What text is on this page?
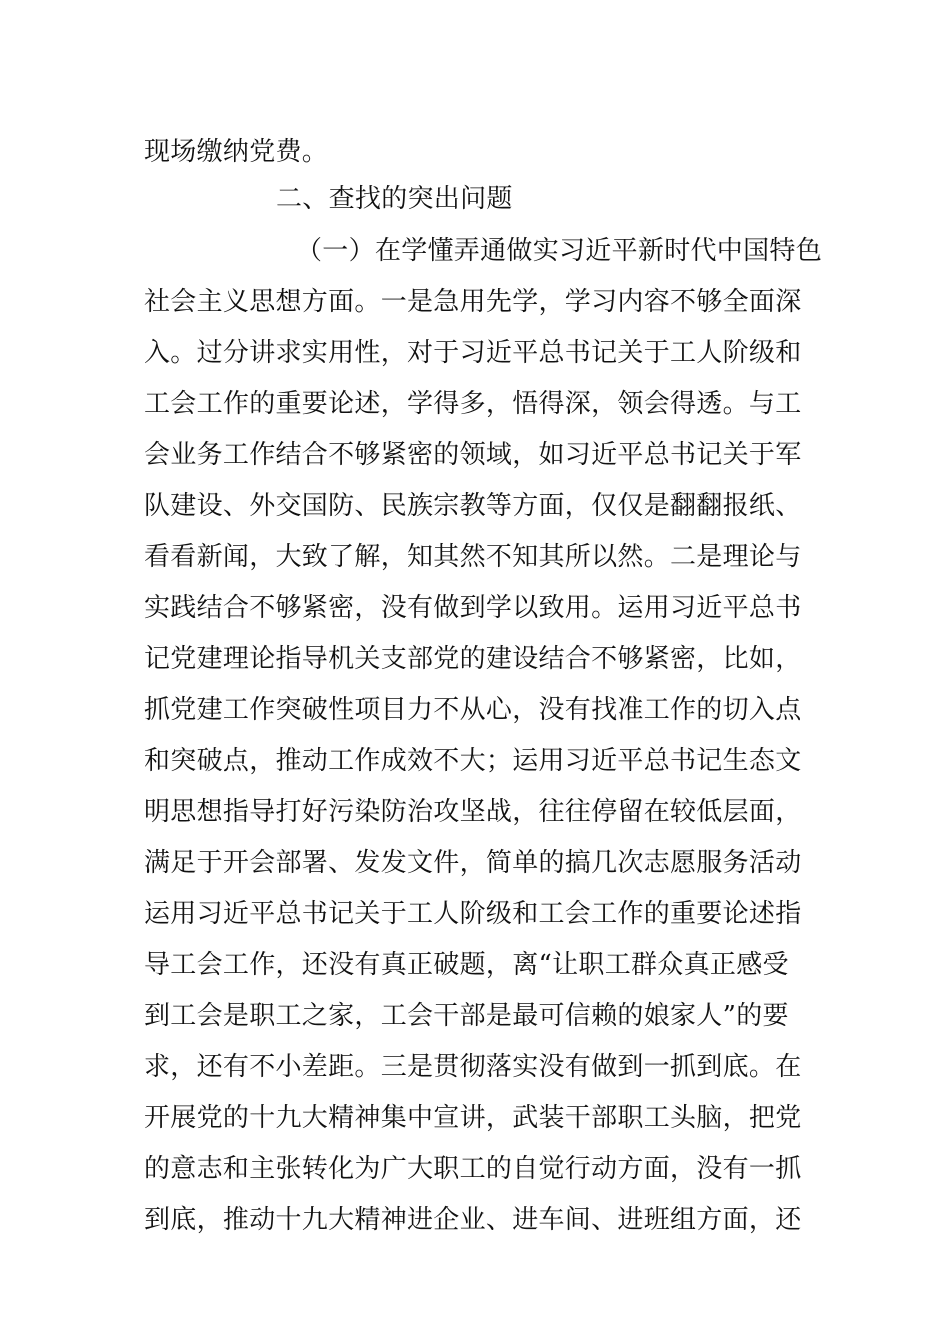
现场缴纳党费。
二、查找的突出问题
（一）在学懂弄通做实习近平新时代中国特色
社会主义思想方面。一是急用先学，学习内容不够全面深
入。过分讲求实用性，对于习近平总书记关于工人阶级和
工会工作的重要论述，学得多，悟得深，领会得透。与工
会业务工作结合不够紧密的领域，如习近平总书记关于军
队建设、外交国防、民族宗教等方面，仅仅是翻翻报纸、
看看新闻，大致了解，知其然不知其所以然。二是理论与
实践结合不够紧密，没有做到学以致用。运用习近平总书
记党建理论指导机关支部党的建设结合不够紧密，比如，
抓党建工作突破性项目力不从心，没有找准工作的切入点
和突破点，推动工作成效不大；运用习近平总书记生态文
明思想指导打好污染防治攻坚战，往往停留在较低层面，
满足于开会部署、发发文件，简单的搞几次志愿服务活动
运用习近平总书记关于工人阶级和工会工作的重要论述指
导工会工作，还没有真正破题，离“让职工群众真正感受
到工会是职工之家，工会干部是最可信赖的娘家人”的要
求，还有不小差距。三是贯彻落实没有做到一抓到底。在
开展党的十九大精神集中宣讲，武装干部职工头脑，把党
的意志和主张转化为广大职工的自觉行动方面，没有一抓
到底，推动十九大精神进企业、进车间、进班组方面，还
